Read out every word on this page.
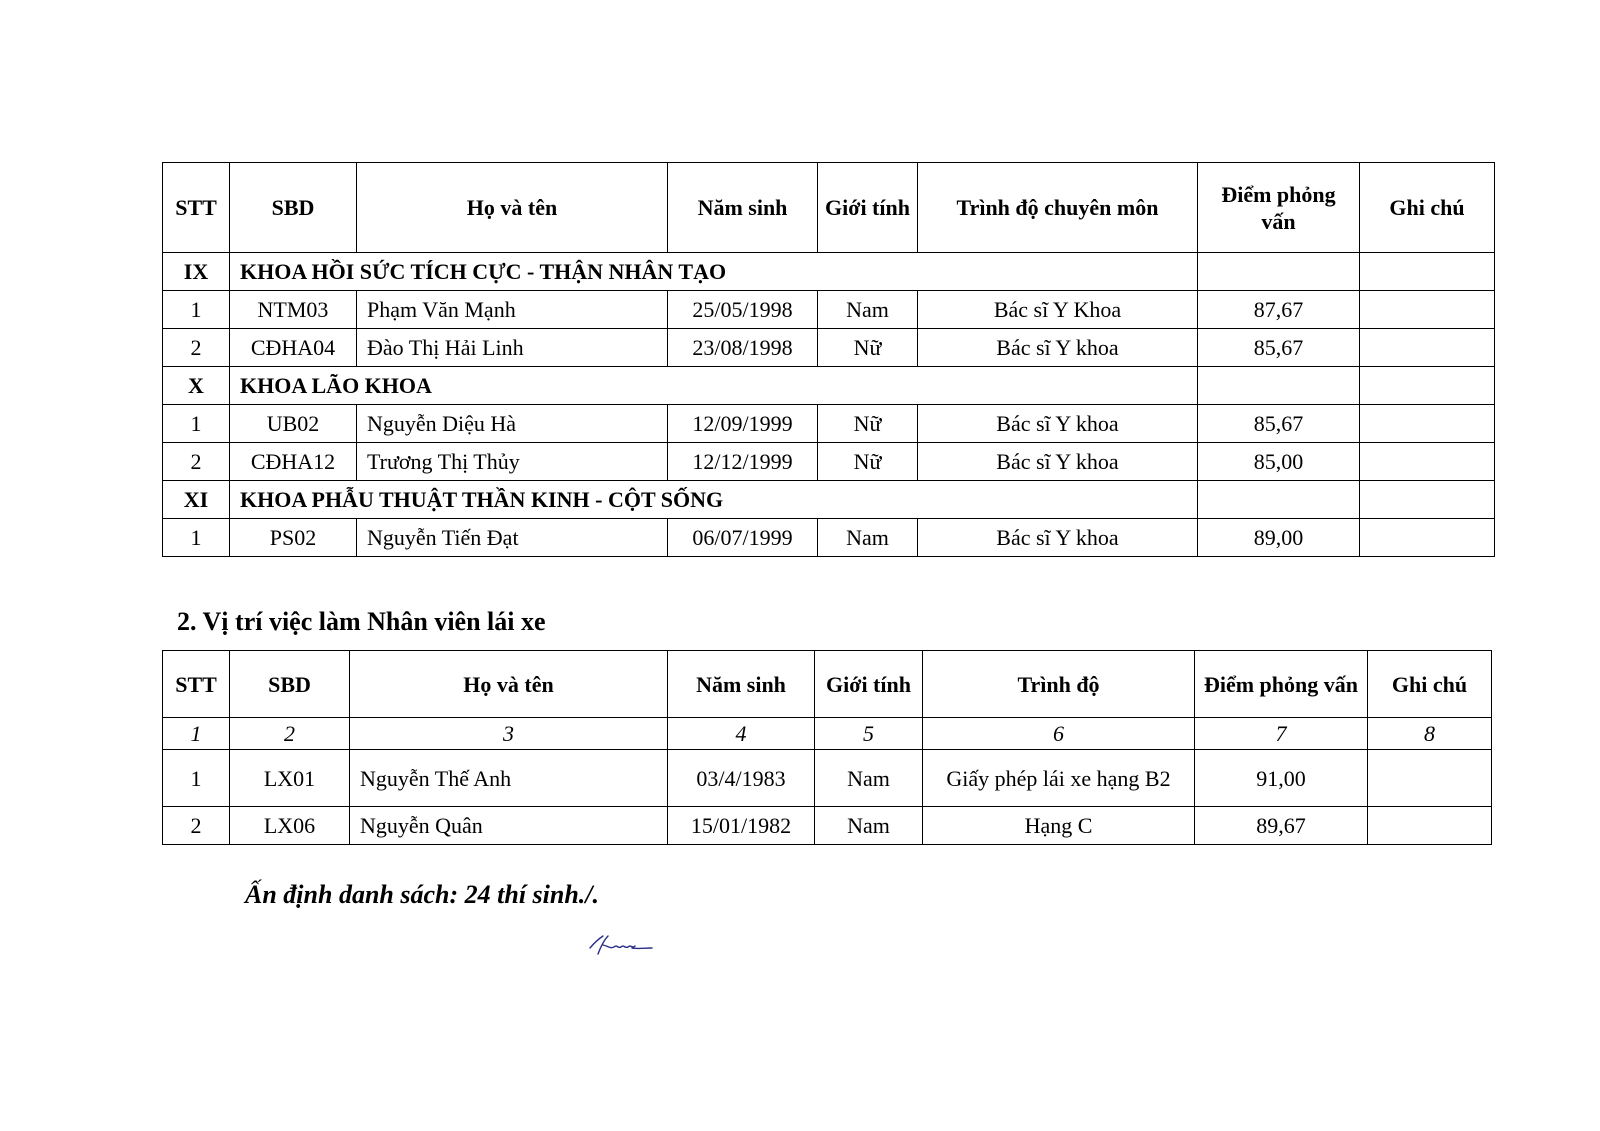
STT	SBD	Họ và tên	Năm sinh	Giới tính	Trình độ chuyên môn	Điểm phỏng vấn	Ghi chú
IX	KHOA HỒI SỨC TÍCH CỰC - THẬN NHÂN TẠO						
1	NTM03	Phạm Văn Mạnh	25/05/1998	Nam	Bác sĩ Y Khoa	87,67	
2	CĐHA04	Đào Thị Hải Linh	23/08/1998	Nữ	Bác sĩ Y khoa	85,67	
X	KHOA LÃO KHOA						
1	UB02	Nguyễn Diệu Hà	12/09/1999	Nữ	Bác sĩ Y khoa	85,67	
2	CĐHA12	Trương Thị Thủy	12/12/1999	Nữ	Bác sĩ Y khoa	85,00	
XI	KHOA PHẪU THUẬT THẦN KINH - CỘT SỐNG						
1	PS02	Nguyễn Tiến Đạt	06/07/1999	Nam	Bác sĩ Y khoa	89,00	
2. Vị trí việc làm Nhân viên lái xe
STT	SBD	Họ và tên	Năm sinh	Giới tính	Trình độ	Điểm phỏng vấn	Ghi chú
1	2	3	4	5	6	7	8
1	LX01	Nguyễn Thế Anh	03/4/1983	Nam	Giấy phép lái xe hạng B2	91,00	
2	LX06	Nguyễn Quân	15/01/1982	Nam	Hạng C	89,67	
Ấn định danh sách: 24 thí sinh./.
